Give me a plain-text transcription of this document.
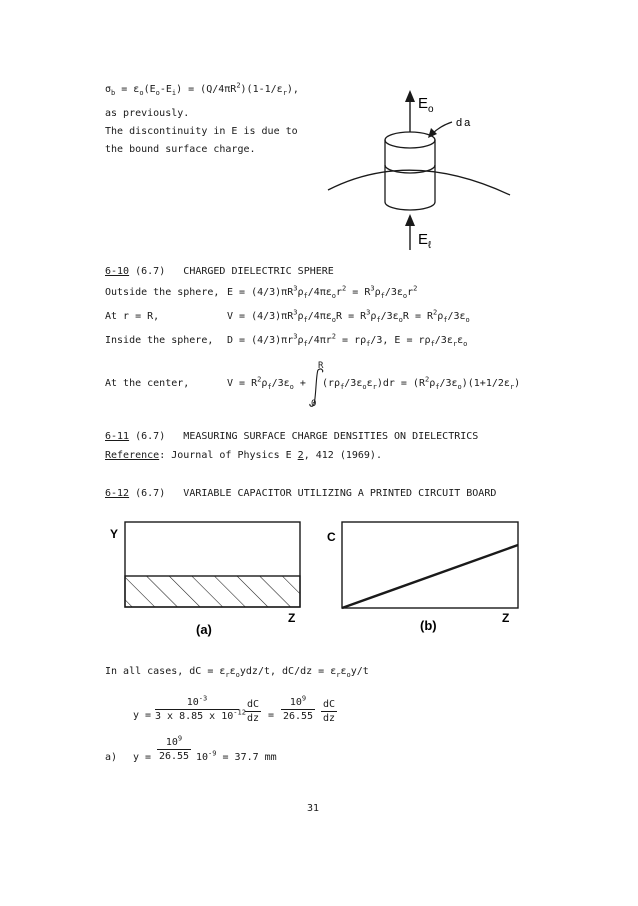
$\sigma_b = \varepsilon_o(E_o-E_i) = (Q/4\pi R^2)(1-1/\varepsilon_r)$,
as previously.
The discontinuity in E is due to
the bound surface charge.
$E_o$
da
$E_\ell$
6-10 (6.7) CHARGED DIELECTRIC SPHERE
Outside the sphere, $E = (4/3)\pi R^3\rho_f/4\pi\varepsilon_or^2 = R^3\rho_f/3\varepsilon_or^2$
At r = R,	$V = (4/3)\pi R^3\rho_f/4\pi\varepsilon_oR = R^3\rho_f/3\varepsilon_oR = R^2\rho_f/3\varepsilon_o$
Inside the sphere, $D = (4/3)\pi r^3\rho_f/4\pi r^2 = r\rho_f/3$, $E = r\rho_f/3\varepsilon_r\varepsilon_o$
At the center,	$V = R^2\rho_f/3\varepsilon_o$ +
R
0
$(r\rho_f/3\varepsilon_o\varepsilon_r)dr = (R^2\rho_f/3\varepsilon_o)(1+1/2\varepsilon_r)$
6-11 (6.7) MEASURING SURFACE CHARGE DENSITIES ON DIELECTRICS
Reference: Journal of Physics E 2, 412 (1969).
6-12 (6.7) VARIABLE CAPACITOR UTILIZING A PRINTED CIRCUIT BOARD
Y
Z
(a)
C
Z
(b)
In all cases, dC = $\varepsilon_r\varepsilon_oydz/t$, $dC/dz = \varepsilon_r\varepsilon_oy/t$
y =
$10^{-3}$
3 x 8.85 x $10^{-12}$
dC
dz =
$10^9$
26.55
dC
dz
a) y =
$10^9$
26.55 $10^{-9} = 37.7$ mm
31
